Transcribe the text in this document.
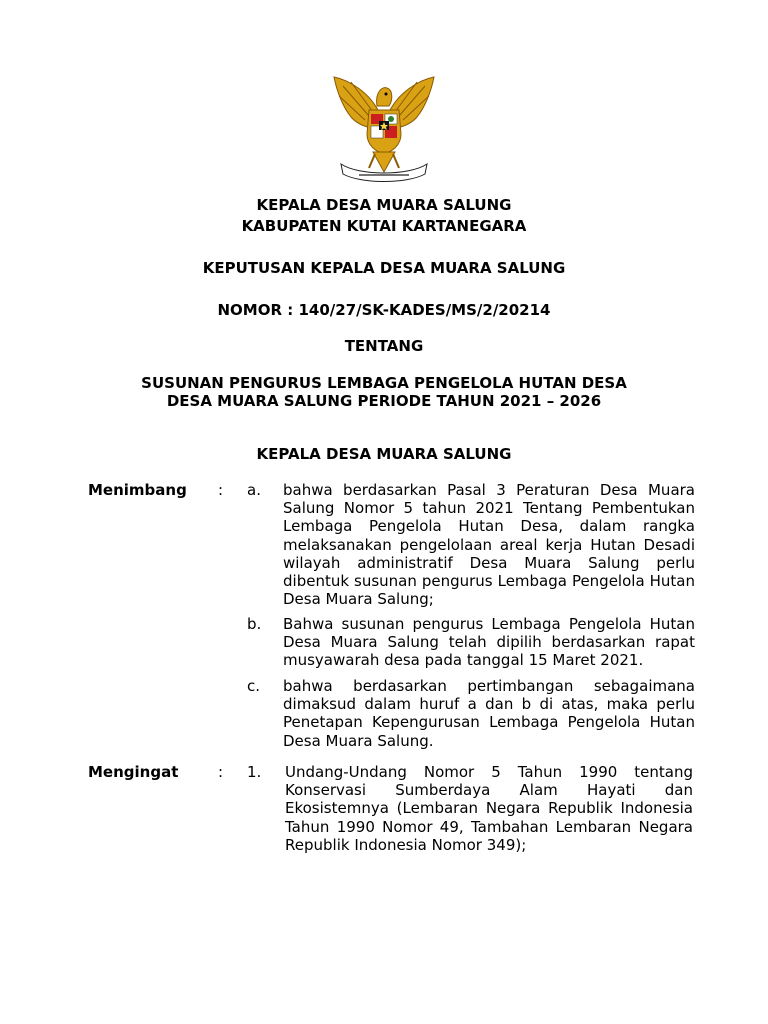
KEPALA DESA MUARA SALUNG
KABUPATEN KUTAI KARTANEGARA
KEPUTUSAN KEPALA DESA MUARA SALUNG
NOMOR : 140/27/SK-KADES/MS/2/20214
TENTANG
SUSUNAN PENGURUS LEMBAGA PENGELOLA HUTAN DESA
DESA MUARA SALUNG PERIODE TAHUN 2021 – 2026
KEPALA DESA MUARA SALUNG
Menimbang : a. bahwa berdasarkan Pasal 3 Peraturan Desa Muara Salung Nomor 5 tahun 2021 Tentang Pembentukan Lembaga Pengelola Hutan Desa, dalam rangka melaksanakan pengelolaan areal kerja Hutan Desadi wilayah administratif Desa Muara Salung perlu dibentuk susunan pengurus Lembaga Pengelola Hutan Desa Muara Salung;
b. Bahwa susunan pengurus Lembaga Pengelola Hutan Desa Muara Salung telah dipilih berdasarkan rapat musyawarah desa pada tanggal 15 Maret 2021.
c. bahwa berdasarkan pertimbangan sebagaimana dimaksud dalam huruf a dan b di atas, maka perlu Penetapan Kepengurusan Lembaga Pengelola Hutan Desa Muara Salung.
Mengingat	: 1. Undang-Undang Nomor 5 Tahun 1990 tentang Konservasi Sumberdaya Alam Hayati dan Ekosistemnya (Lembaran Negara Republik Indonesia Tahun 1990 Nomor 49, Tambahan Lembaran Negara Republik Indonesia Nomor 349);
